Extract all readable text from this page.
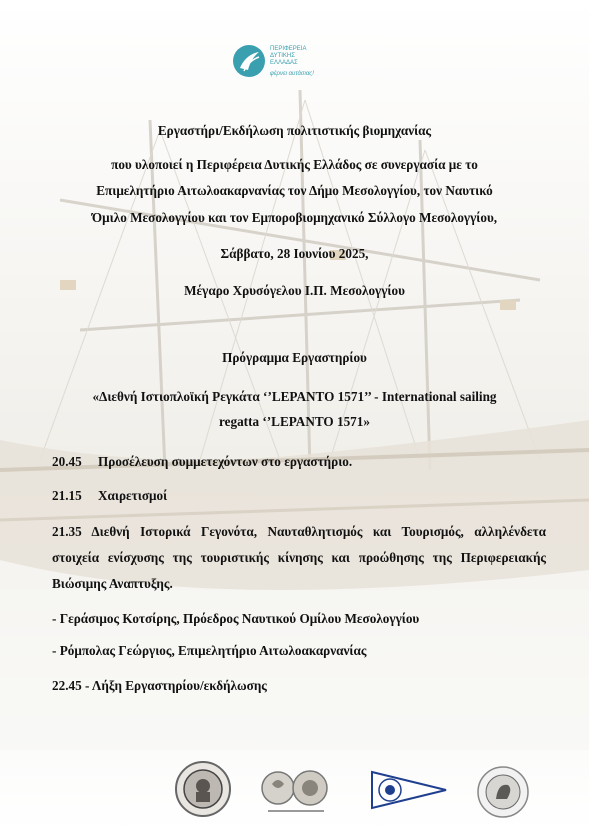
ΠΕΡΙΦΕΡΕΙΑ
ΔΥΤΙΚΗΣ
ΕΛΛΑΔΑΣ
φέρνει αυτάσιας!
Εργαστήρι/Εκδήλωση πολιτιστικής βιομηχανίας
που υλοποιεί η Περιφέρεια Δυτικής Ελλάδος σε συνεργασία με το
Επιμελητήριο Αιτωλοακαρνανίας τον Δήμο Μεσολογγίου, τον Ναυτικό
Όμιλο Μεσολογγίου και τον Εμποροβιομηχανικό Σύλλογο Μεσολογγίου,
Σάββατο, 28 Ιουνίου 2025,
Μέγαρο Χρυσόγελου Ι.Π. Μεσολογγίου
Πρόγραμμα Εργαστηρίου
«Διεθνή Ιστιοπλοϊκή Ρεγκάτα ‘’LEPANTO 1571’’ - International sailing
regatta ‘’LEPANTO 1571»
20.45 Προσέλευση συμμετεχόντων στο εργαστήριο.
21.15 Χαιρετισμοί
21.35 Διεθνή Ιστορικά Γεγονότα, Ναυταθλητισμός και Τουρισμός, αλληλένδετα στοιχεία ενίσχυσης της τουριστικής κίνησης και προώθησης της Περιφερειακής Βιώσιμης Αναπτυξης.
- Γεράσιμος Κοτσίρης, Πρόεδρος Ναυτικού Ομίλου Μεσολογγίου
- Ρόμπολας Γεώργιος, Επιμελητήριο Αιτωλοακαρνανίας
22.45 - Λήξη Εργαστηρίου/εκδήλωσης
